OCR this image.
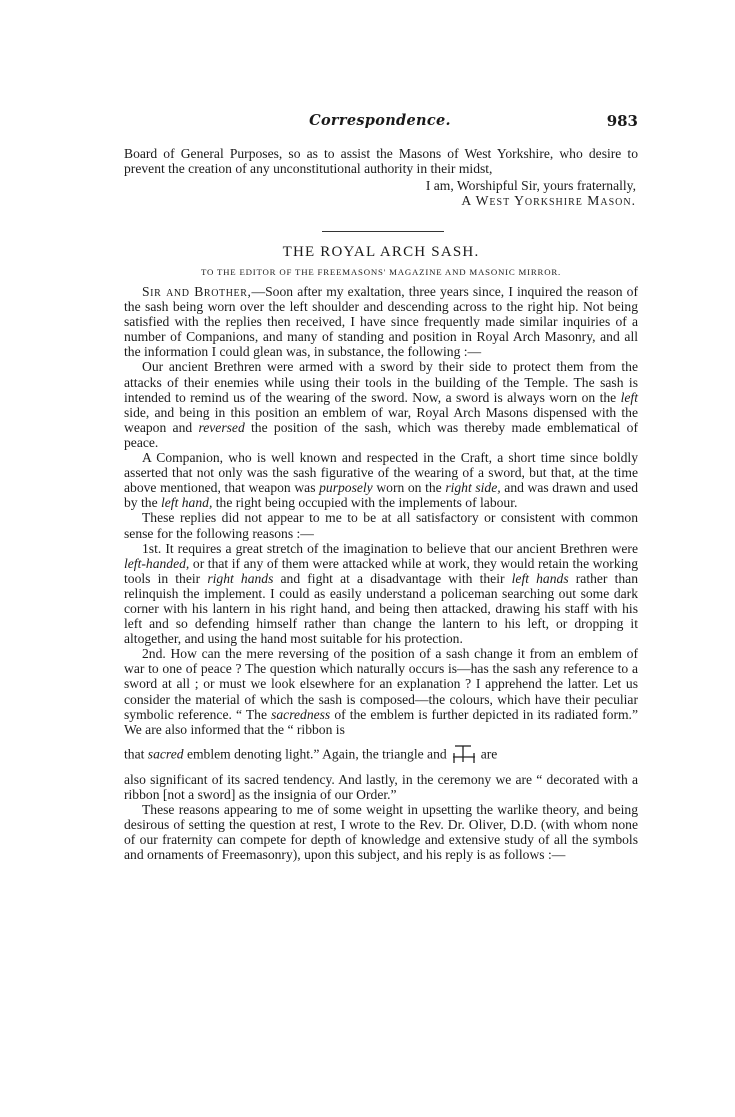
Correspondence.	983

Board of General Purposes, so as to assist the Masons of West Yorkshire, who desire to prevent the creation of any unconstitutional authority in their midst,

I am, Worshipful Sir, yours fraternally,

A West Yorkshire Mason.

THE ROYAL ARCH SASH.
TO THE EDITOR OF THE FREEMASONS' MAGAZINE AND MASONIC MIRROR.

Sir and Brother,—Soon after my exaltation, three years since, I inquired the reason of the sash being worn over the left shoulder and descending across to the right hip. Not being satisfied with the replies then received, I have since frequently made similar inquiries of a number of Companions, and many of standing and position in Royal Arch Masonry, and all the information I could glean was, in substance, the following :—

Our ancient Brethren were armed with a sword by their side to protect them from the attacks of their enemies while using their tools in the building of the Temple. The sash is intended to remind us of the wearing of the sword. Now, a sword is always worn on the left side, and being in this position an emblem of war, Royal Arch Masons dispensed with the weapon and reversed the position of the sash, which was thereby made emblematical of peace.

A Companion, who is well known and respected in the Craft, a short time since boldly asserted that not only was the sash figurative of the wearing of a sword, but that, at the time above mentioned, that weapon was purposely worn on the right side, and was drawn and used by the left hand, the right being occupied with the implements of labour.

These replies did not appear to me to be at all satisfactory or consistent with common sense for the following reasons :—

1st. It requires a great stretch of the imagination to believe that our ancient Brethren were left-handed, or that if any of them were attacked while at work, they would retain the working tools in their right hands and fight at a disadvantage with their left hands rather than relinquish the implement. I could as easily understand a policeman searching out some dark corner with his lantern in his right hand, and being then attacked, drawing his staff with his left and so defending himself rather than change the lantern to his left, or dropping it altogether, and using the hand most suitable for his protection.

2nd. How can the mere reversing of the position of a sash change it from an emblem of war to one of peace ? The question which naturally occurs is—has the sash any reference to a sword at all ; or must we look elsewhere for an explanation ? I apprehend the latter. Let us consider the material of which the sash is composed—the colours, which have their peculiar symbolic reference. “ The sacredness of the emblem is further depicted in its radiated form.” We are also informed that the “ ribbon is

that sacred emblem denoting light.” Again, the triangle and	are

also significant of its sacred tendency. And lastly, in the ceremony we are “ decorated with a ribbon [not a sword] as the insignia of our Order.”

These reasons appearing to me of some weight in upsetting the warlike theory, and being desirous of setting the question at rest, I wrote to the Rev. Dr. Oliver, D.D. (with whom none of our fraternity can compete for depth of knowledge and extensive study of all the symbols and ornaments of Freemasonry), upon this subject, and his reply is as follows :—
